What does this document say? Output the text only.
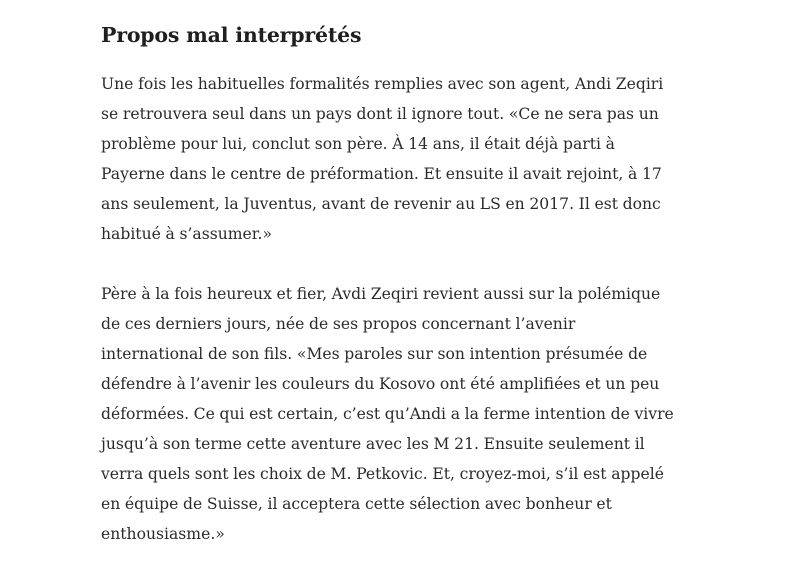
Propos mal interprétés

Une fois les habituelles formalités remplies avec son agent, Andi Zeqiri
se retrouvera seul dans un pays dont il ignore tout. «Ce ne sera pas un
problème pour lui, conclut son père. À 14 ans, il était déjà parti à
Payerne dans le centre de préformation. Et ensuite il avait rejoint, à 17
ans seulement, la Juventus, avant de revenir au LS en 2017. Il est donc
habitué à s’assumer.»

Père à la fois heureux et fier, Avdi Zeqiri revient aussi sur la polémique
de ces derniers jours, née de ses propos concernant l’avenir
international de son fils. «Mes paroles sur son intention présumée de
défendre à l’avenir les couleurs du Kosovo ont été amplifiées et un peu
déformées. Ce qui est certain, c’est qu’Andi a la ferme intention de vivre
jusqu’à son terme cette aventure avec les M 21. Ensuite seulement il
verra quels sont les choix de M. Petkovic. Et, croyez-moi, s’il est appelé
en équipe de Suisse, il acceptera cette sélection avec bonheur et
enthousiasme.»
